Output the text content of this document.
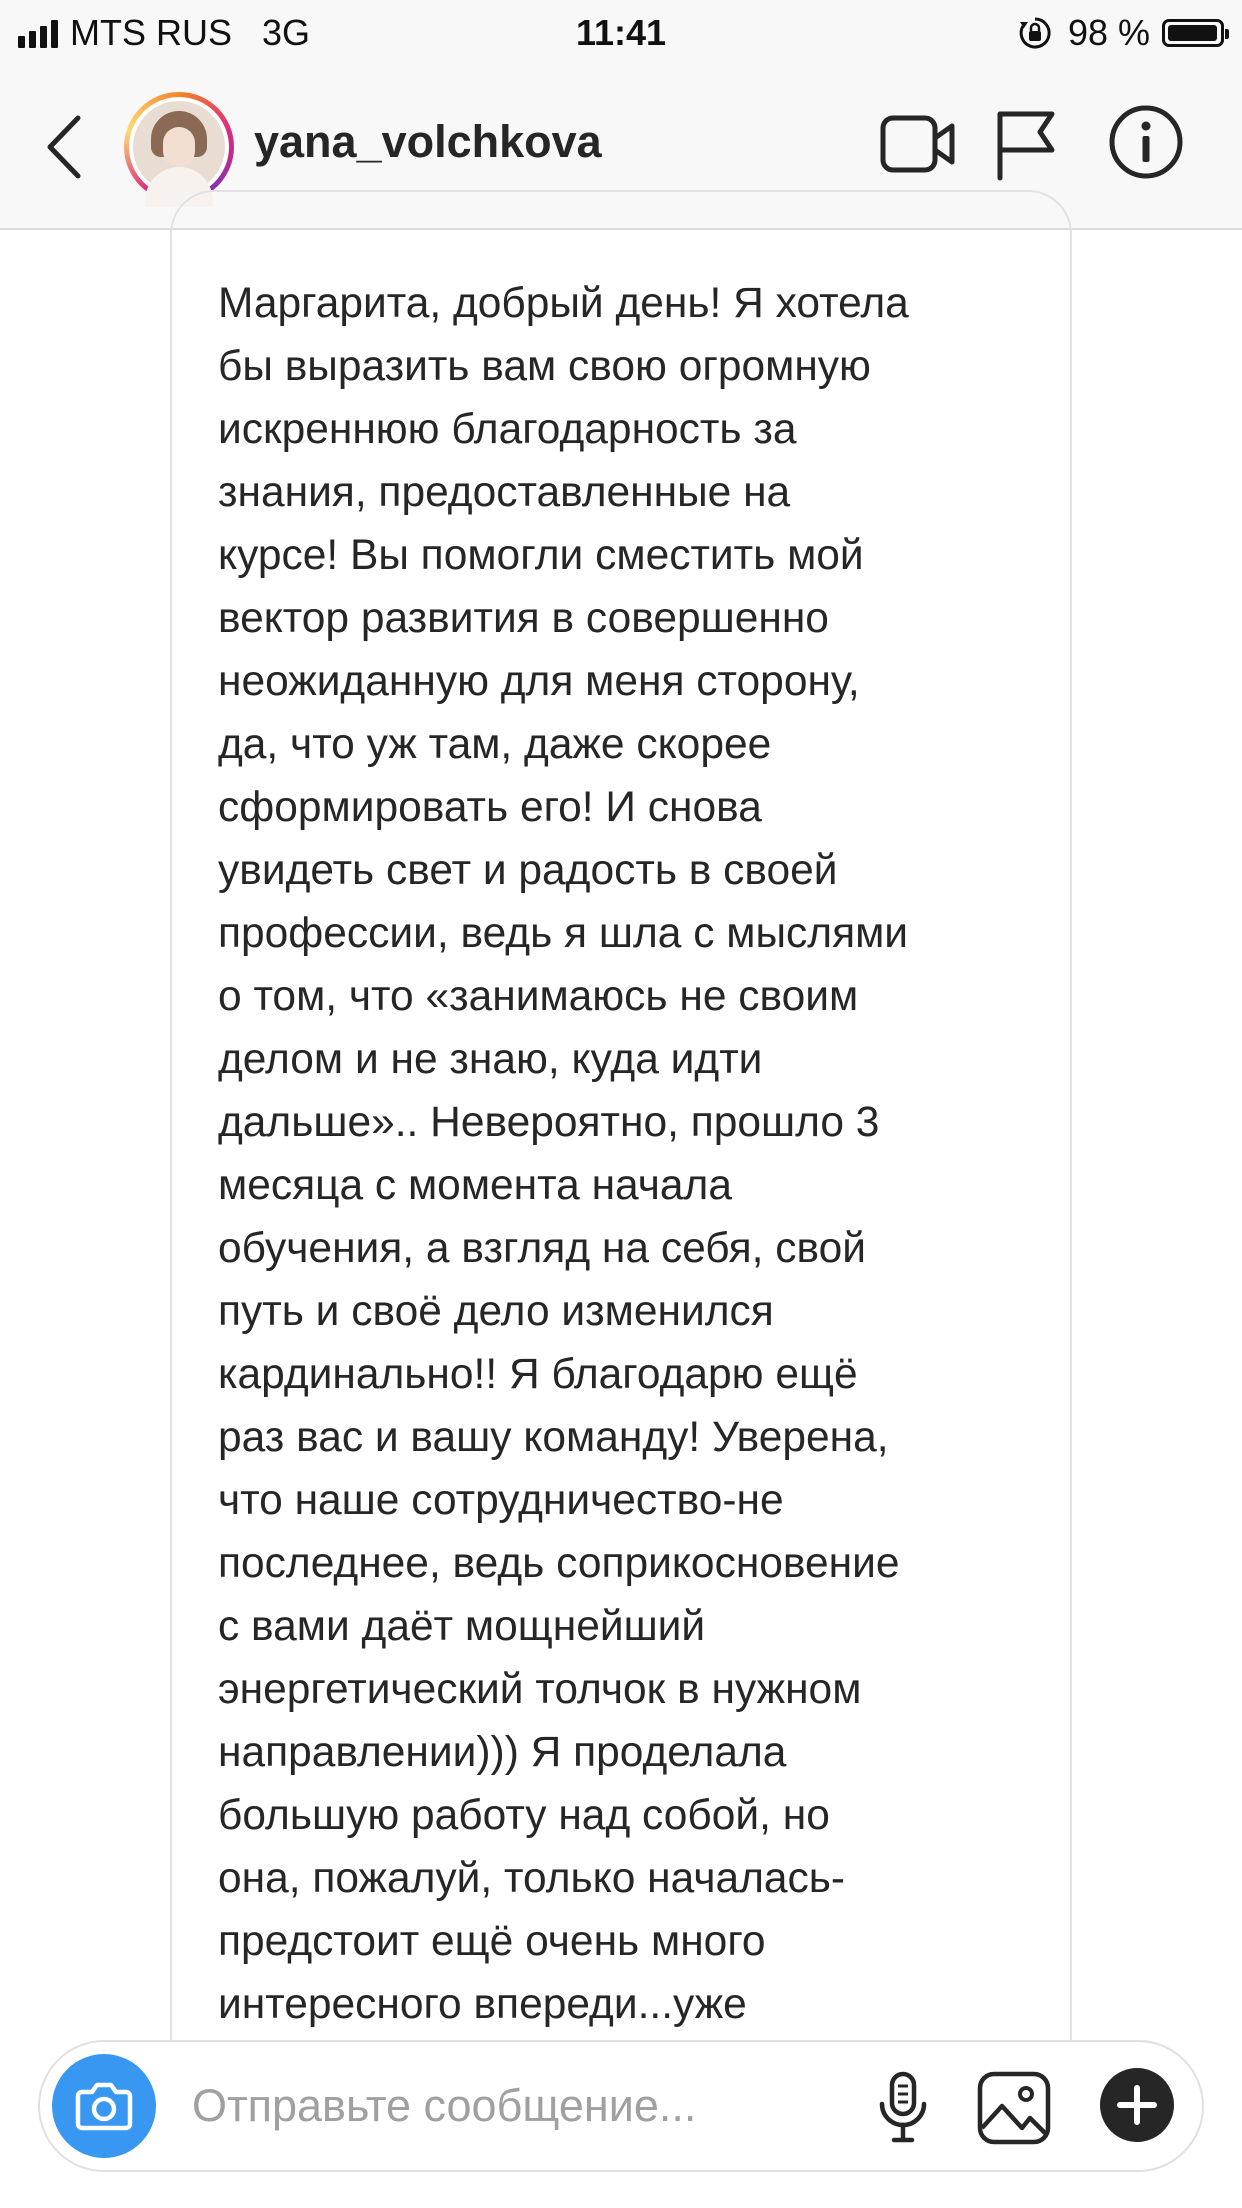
MTS RUS 3G	11:41	98 %
yana_volchkova
Маргарита, добрый день! Я хотела
бы выразить вам свою огромную
искреннюю благодарность за
знания, предоставленные на
курсе! Вы помогли сместить мой
вектор развития в совершенно
неожиданную для меня сторону,
да, что уж там, даже скорее
сформировать его! И снова
увидеть свет и радость в своей
профессии, ведь я шла с мыслями
о том, что «занимаюсь не своим
делом и не знаю, куда идти
дальше».. Невероятно, прошло 3
месяца с момента начала
обучения, а взгляд на себя, свой
путь и своё дело изменился
кардинально!! Я благодарю ещё
раз вас и вашу команду! Уверена,
что наше сотрудничество-не
последнее, ведь соприкосновение
с вами даёт мощнейший
энергетический толчок в нужном
направлении))) Я проделала
большую работу над собой, но
она, пожалуй, только началась-
предстоит ещё очень много
интересного впереди...уже
Отправьте сообщение...
